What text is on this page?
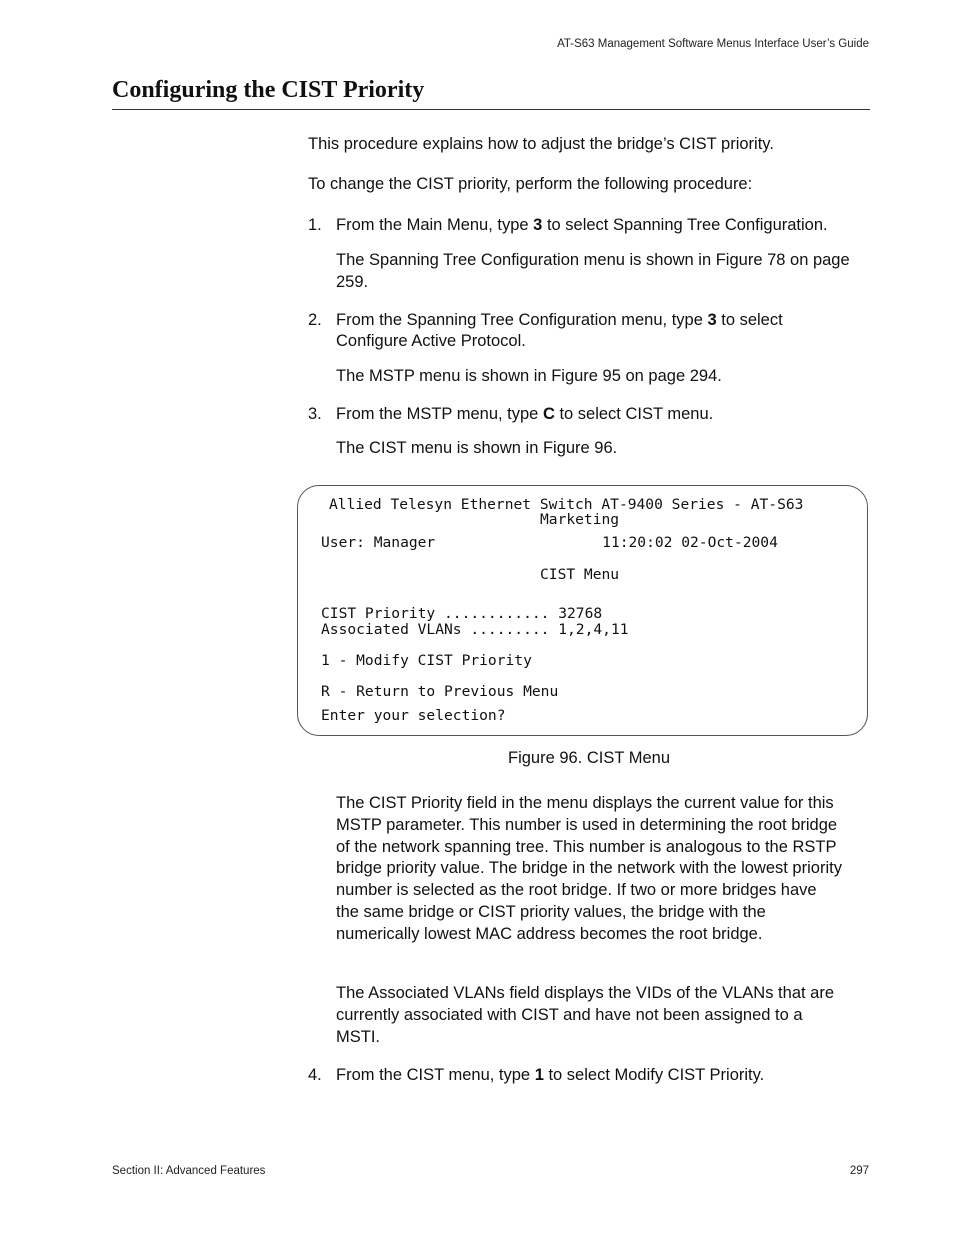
AT-S63 Management Software Menus Interface User’s Guide
Configuring the CIST Priority

This procedure explains how to adjust the bridge’s CIST priority.

To change the CIST priority, perform the following procedure:

1. From the Main Menu, type 3 to select Spanning Tree Configuration.

The Spanning Tree Configuration menu is shown in Figure 78 on page 259.

2. From the Spanning Tree Configuration menu, type 3 to select Configure Active Protocol.

The MSTP menu is shown in Figure 95 on page 294.

3. From the MSTP menu, type C to select CIST menu.

The CIST menu is shown in Figure 96.

Allied Telesyn Ethernet Switch AT-9400 Series - AT-S63

Marketing

User: Manager                   11:20:02 02-Oct-2004

CIST Menu

CIST Priority ............ 32768

Associated VLANs ......... 1,2,4,11

1 - Modify CIST Priority

R - Return to Previous Menu

Enter your selection?

Figure 96. CIST Menu

The CIST Priority field in the menu displays the current value for this MSTP parameter. This number is used in determining the root bridge of the network spanning tree. This number is analogous to the RSTP bridge priority value. The bridge in the network with the lowest priority number is selected as the root bridge. If two or more bridges have the same bridge or CIST priority values, the bridge with the numerically lowest MAC address becomes the root bridge.

The Associated VLANs field displays the VIDs of the VLANs that are currently associated with CIST and have not been assigned to a MSTI.

4. From the CIST menu, type 1 to select Modify CIST Priority.

Section II: Advanced Features	297
